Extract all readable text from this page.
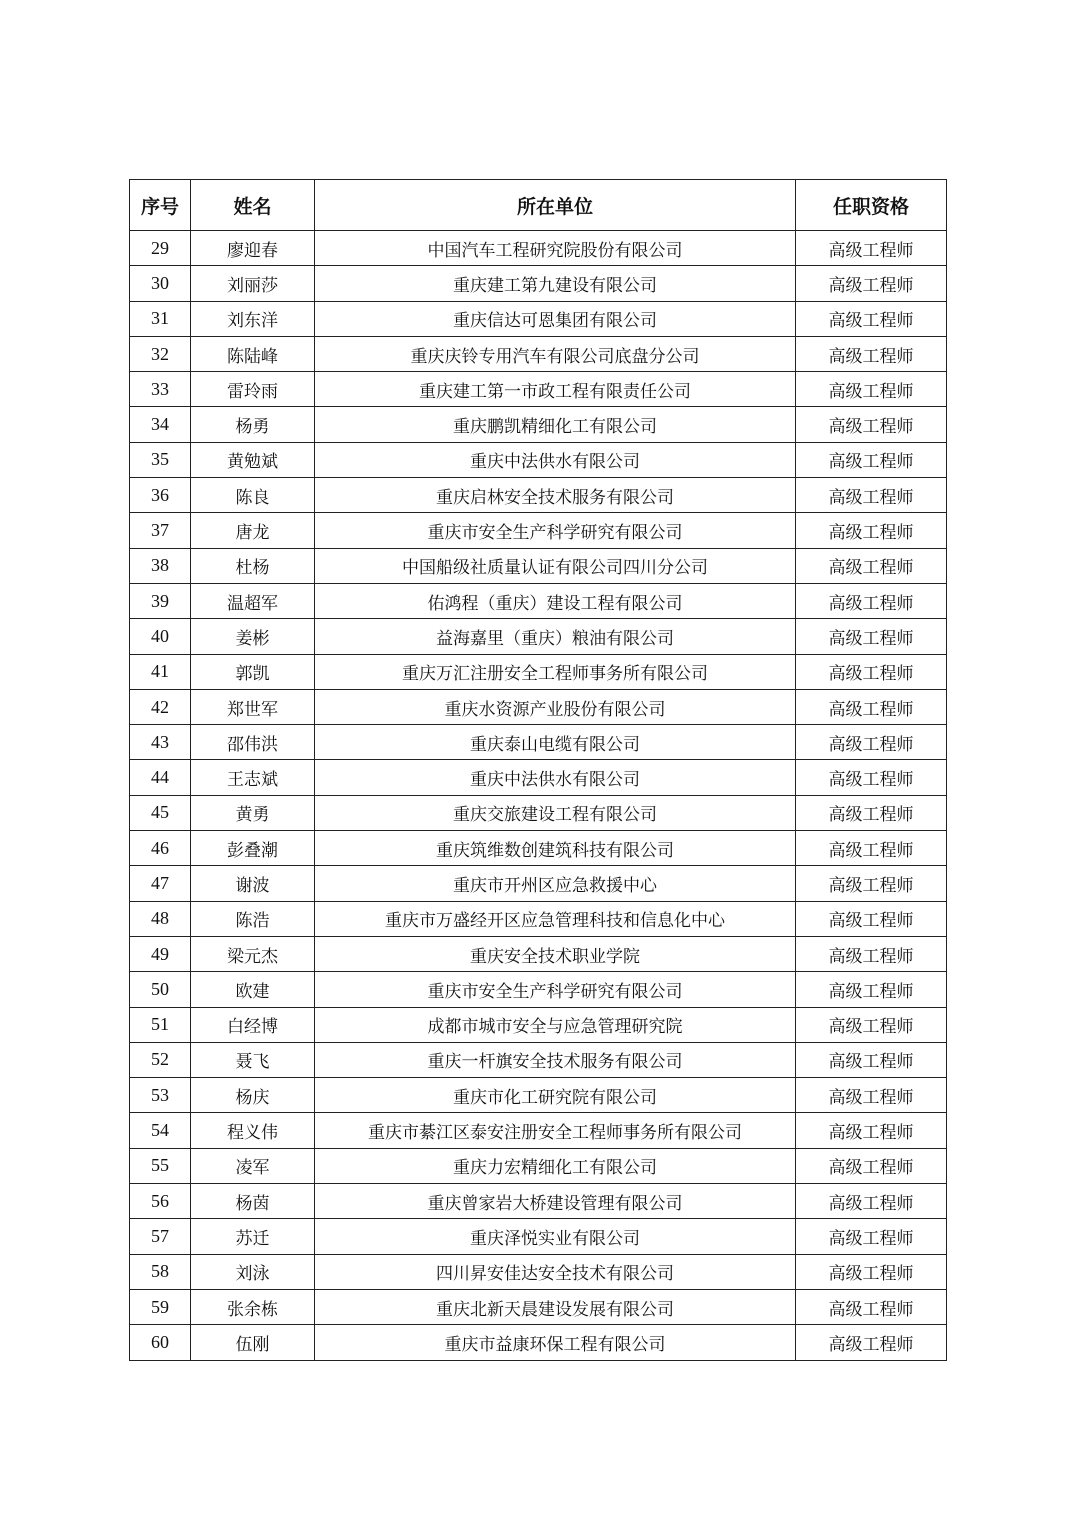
序号	姓名	所在单位	任职资格
29	廖迎春	中国汽车工程研究院股份有限公司	高级工程师
30	刘丽莎	重庆建工第九建设有限公司	高级工程师
31	刘东洋	重庆信达可恩集团有限公司	高级工程师
32	陈陆峰	重庆庆铃专用汽车有限公司底盘分公司	高级工程师
33	雷玲雨	重庆建工第一市政工程有限责任公司	高级工程师
34	杨勇	重庆鹏凯精细化工有限公司	高级工程师
35	黄勉斌	重庆中法供水有限公司	高级工程师
36	陈良	重庆启林安全技术服务有限公司	高级工程师
37	唐龙	重庆市安全生产科学研究有限公司	高级工程师
38	杜杨	中国船级社质量认证有限公司四川分公司	高级工程师
39	温超军	佑鸿程（重庆）建设工程有限公司	高级工程师
40	姜彬	益海嘉里（重庆）粮油有限公司	高级工程师
41	郭凯	重庆万汇注册安全工程师事务所有限公司	高级工程师
42	郑世军	重庆水资源产业股份有限公司	高级工程师
43	邵伟洪	重庆泰山电缆有限公司	高级工程师
44	王志斌	重庆中法供水有限公司	高级工程师
45	黄勇	重庆交旅建设工程有限公司	高级工程师
46	彭叠潮	重庆筑维数创建筑科技有限公司	高级工程师
47	谢波	重庆市开州区应急救援中心	高级工程师
48	陈浩	重庆市万盛经开区应急管理科技和信息化中心	高级工程师
49	梁元杰	重庆安全技术职业学院	高级工程师
50	欧建	重庆市安全生产科学研究有限公司	高级工程师
51	白经博	成都市城市安全与应急管理研究院	高级工程师
52	聂飞	重庆一杆旗安全技术服务有限公司	高级工程师
53	杨庆	重庆市化工研究院有限公司	高级工程师
54	程义伟	重庆市綦江区泰安注册安全工程师事务所有限公司	高级工程师
55	凌军	重庆力宏精细化工有限公司	高级工程师
56	杨茵	重庆曾家岩大桥建设管理有限公司	高级工程师
57	苏迁	重庆泽悦实业有限公司	高级工程师
58	刘泳	四川昇安佳达安全技术有限公司	高级工程师
59	张余栋	重庆北新天晨建设发展有限公司	高级工程师
60	伍刚	重庆市益康环保工程有限公司	高级工程师
